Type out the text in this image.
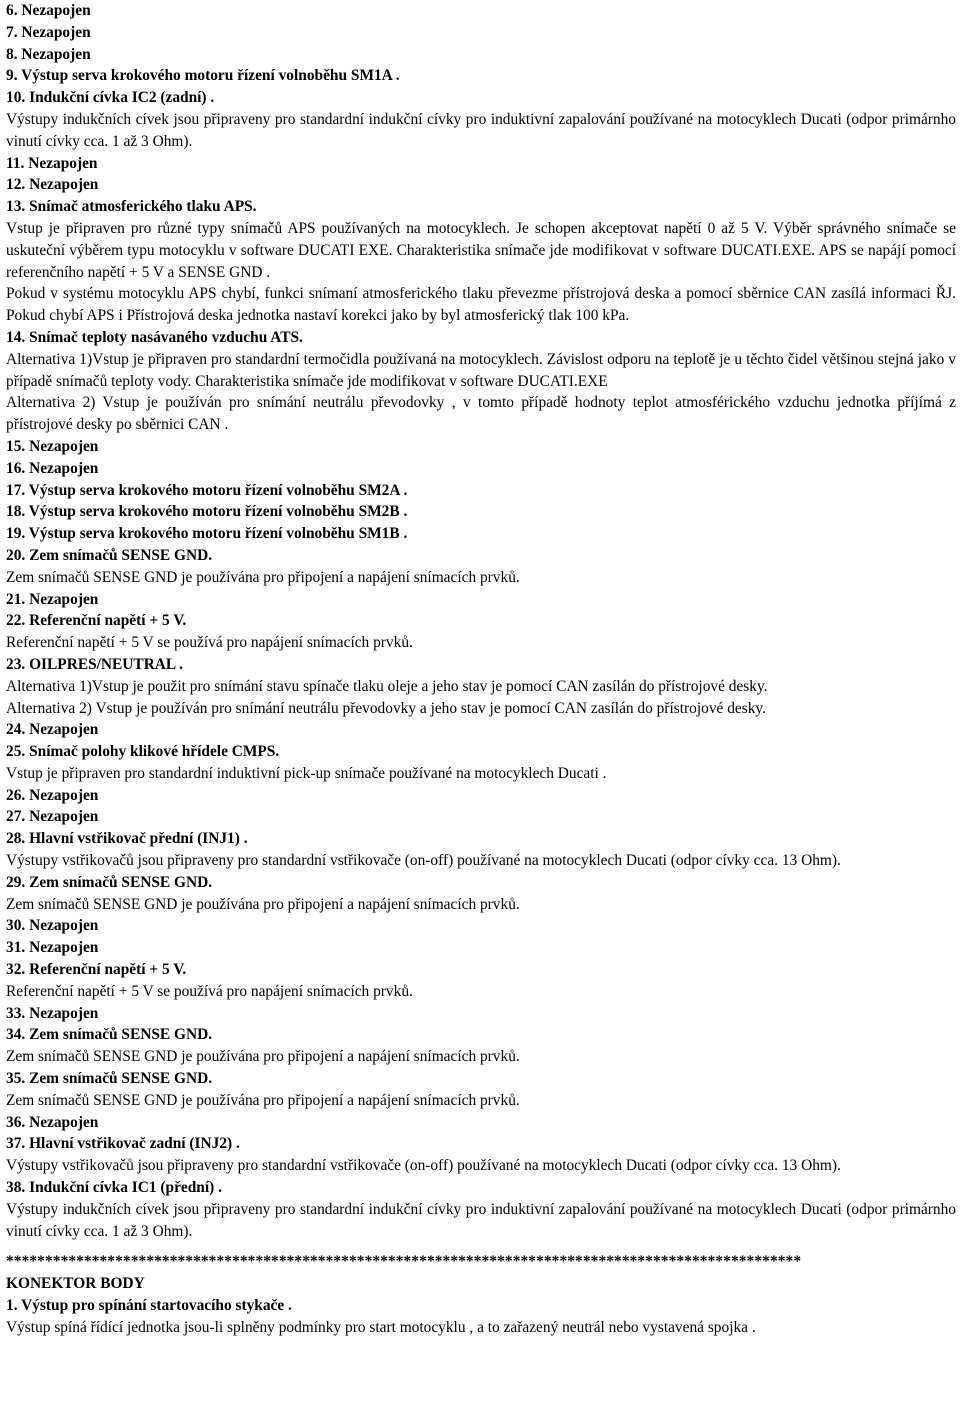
6. Nezapojen
7. Nezapojen
8. Nezapojen
9. Výstup serva krokového motoru řízení volnoběhu SM1A .
10. Indukční cívka IC2 (zadní) .
Výstupy indukčních cívek jsou připraveny pro standardní indukční cívky pro induktivní zapalování používané na motocyklech Ducati (odpor primárnho vinutí cívky cca. 1 až 3 Ohm).
11. Nezapojen
12. Nezapojen
13. Snímač atmosferického tlaku APS.
Vstup je připraven pro různé typy snímačů APS používaných na motocyklech. Je schopen akceptovat napětí 0 až 5 V. Výběr správného snímače se uskuteční výběrem typu motocyklu v software DUCATI EXE. Charakteristika snímače jde modifikovat v software DUCATI.EXE. APS se napájí pomocí referenčního napětí + 5 V a SENSE GND .
Pokud v systému motocyklu APS chybí, funkci snímaní atmosferického tlaku převezme přístrojová deska a pomocí sběrnice CAN zasílá informaci ŘJ. Pokud chybí APS i Přístrojová deska jednotka nastaví korekci jako by byl atmosferický tlak 100 kPa.
14. Snímač teploty nasávaného vzduchu ATS.
Alternativa 1)Vstup je připraven pro standardní termočidla používaná na motocyklech. Závislost odporu na teplotě je u těchto čidel většinou stejná jako v případě snímačů teploty vody. Charakteristika snímače jde modifikovat v software DUCATI.EXE
Alternativa 2) Vstup je používán pro snímání neutrálu převodovky , v tomto případě hodnoty teplot atmosférického vzduchu jednotka příjímá z přístrojové desky po sběrnici CAN .
15. Nezapojen
16. Nezapojen
17. Výstup serva krokového motoru řízení volnoběhu SM2A .
18. Výstup serva krokového motoru řízení volnoběhu SM2B .
19. Výstup serva krokového motoru řízení volnoběhu SM1B .
20. Zem snímačů SENSE GND.
Zem snímačů SENSE GND je používána pro připojení a napájení snímacích prvků.
21. Nezapojen
22. Referenční napětí + 5 V.
Referenční napětí + 5 V se používá pro napájení snímacích prvků.
23. OILPRES/NEUTRAL .
Alternativa 1)Vstup je použit pro snímání stavu spínače tlaku oleje a jeho stav je pomocí CAN zasílán do přístrojové desky.
Alternativa 2) Vstup je používán pro snímání neutrálu převodovky a jeho stav je pomocí CAN zasílán do přístrojové desky.
24. Nezapojen
25. Snímač polohy klikové hřídele CMPS.
Vstup je připraven pro standardní induktivní pick-up snímače používané na motocyklech Ducati .
26. Nezapojen
27. Nezapojen
28. Hlavní vstřikovač přední (INJ1) .
Výstupy vstřikovačů jsou připraveny pro standardní vstřikovače (on-off) používané na motocyklech Ducati (odpor cívky cca. 13 Ohm).
29. Zem snímačů SENSE GND.
Zem snímačů SENSE GND je používána pro připojení a napájení snímacích prvků.
30. Nezapojen
31. Nezapojen
32. Referenční napětí + 5 V.
Referenční napětí + 5 V se používá pro napájení snímacích prvků.
33. Nezapojen
34. Zem snímačů SENSE GND.
Zem snímačů SENSE GND je používána pro připojení a napájení snímacích prvků.
35. Zem snímačů SENSE GND.
Zem snímačů SENSE GND je používána pro připojení a napájení snímacích prvků.
36. Nezapojen
37. Hlavní vstřikovač zadní (INJ2) .
Výstupy vstřikovačů jsou připraveny pro standardní vstřikovače (on-off) používané na motocyklech Ducati (odpor cívky cca. 13 Ohm).
38. Indukční cívka IC1 (přední) .
Výstupy indukčních cívek jsou připraveny pro standardní indukční cívky pro induktivní zapalování používané na motocyklech Ducati (odpor primárnho vinutí cívky cca. 1 až 3 Ohm).
******************************************************************************************************
KONEKTOR BODY
1. Výstup pro spínání startovacího stykače .
Výstup spíná řídící jednotka jsou-li splněny podmínky pro start motocyklu , a to zařazený neutrál nebo vystavená spojka .
